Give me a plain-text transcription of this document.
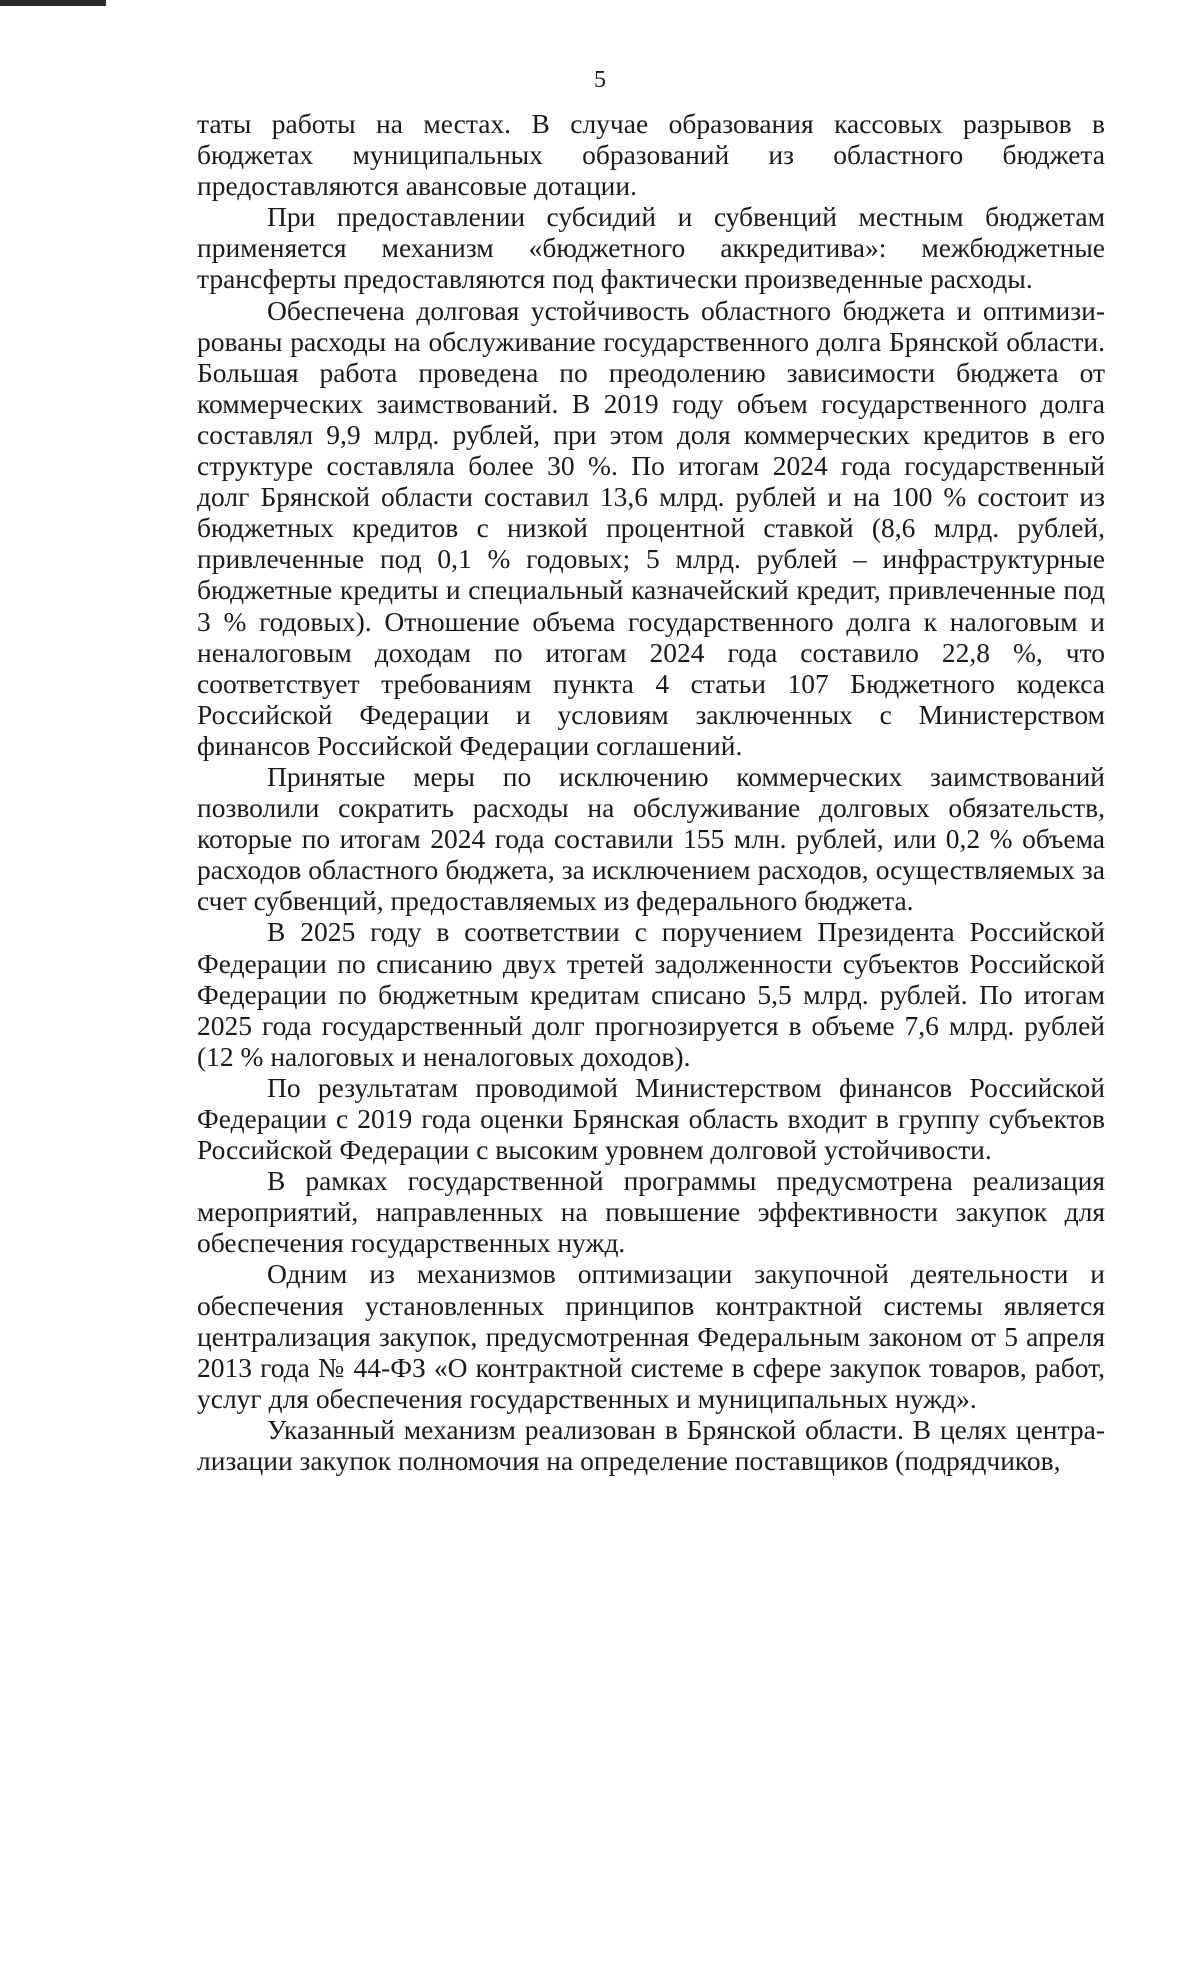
5

таты работы на местах. В случае образования кассовых разрывов в бюджетах муниципальных образований из областного бюджета предоставляются авансовые дотации.

При предоставлении субсидий и субвенций местным бюджетам применяется механизм «бюджетного аккредитива»: межбюджетные трансферты предоставляются под фактически произведенные расходы.

Обеспечена долговая устойчивость областного бюджета и оптимизированы расходы на обслуживание государственного долга Брянской области. Большая работа проведена по преодолению зависимости бюджета от коммерческих заимствований. В 2019 году объем государственного долга составлял 9,9 млрд. рублей, при этом доля коммерческих кредитов в его структуре составляла более 30 %. По итогам 2024 года государственный долг Брянской области составил 13,6 млрд. рублей и на 100 % состоит из бюджетных кредитов с низкой процентной ставкой (8,6 млрд. рублей, привлеченные под 0,1 % годовых; 5 млрд. рублей – инфраструктурные бюджетные кредиты и специальный казначейский кредит, привлеченные под 3 % годовых). Отношение объема государственного долга к налоговым и неналоговым доходам по итогам 2024 года составило 22,8 %, что соответствует требованиям пункта 4 статьи 107 Бюджетного кодекса Российской Федерации и условиям заключенных с Министерством финансов Российской Федерации соглашений.

Принятые меры по исключению коммерческих заимствований позволили сократить расходы на обслуживание долговых обязательств, которые по итогам 2024 года составили 155 млн. рублей, или 0,2 % объема расходов областного бюджета, за исключением расходов, осуществляемых за счет субвенций, предоставляемых из федерального бюджета.

В 2025 году в соответствии с поручением Президента Российской Федерации по списанию двух третей задолженности субъектов Российской Федерации по бюджетным кредитам списано 5,5 млрд. рублей. По итогам 2025 года государственный долг прогнозируется в объеме 7,6 млрд. рублей (12 % налоговых и неналоговых доходов).

По результатам проводимой Министерством финансов Российской Федерации с 2019 года оценки Брянская область входит в группу субъектов Российской Федерации с высоким уровнем долговой устойчивости.

В рамках государственной программы предусмотрена реализация мероприятий, направленных на повышение эффективности закупок для обеспечения государственных нужд.

Одним из механизмов оптимизации закупочной деятельности и обеспечения установленных принципов контрактной системы является централизация закупок, предусмотренная Федеральным законом от 5 апреля 2013 года № 44-ФЗ «О контрактной системе в сфере закупок товаров, работ, услуг для обеспечения государственных и муниципальных нужд».

Указанный механизм реализован в Брянской области. В целях централизации закупок полномочия на определение поставщиков (подрядчиков,
